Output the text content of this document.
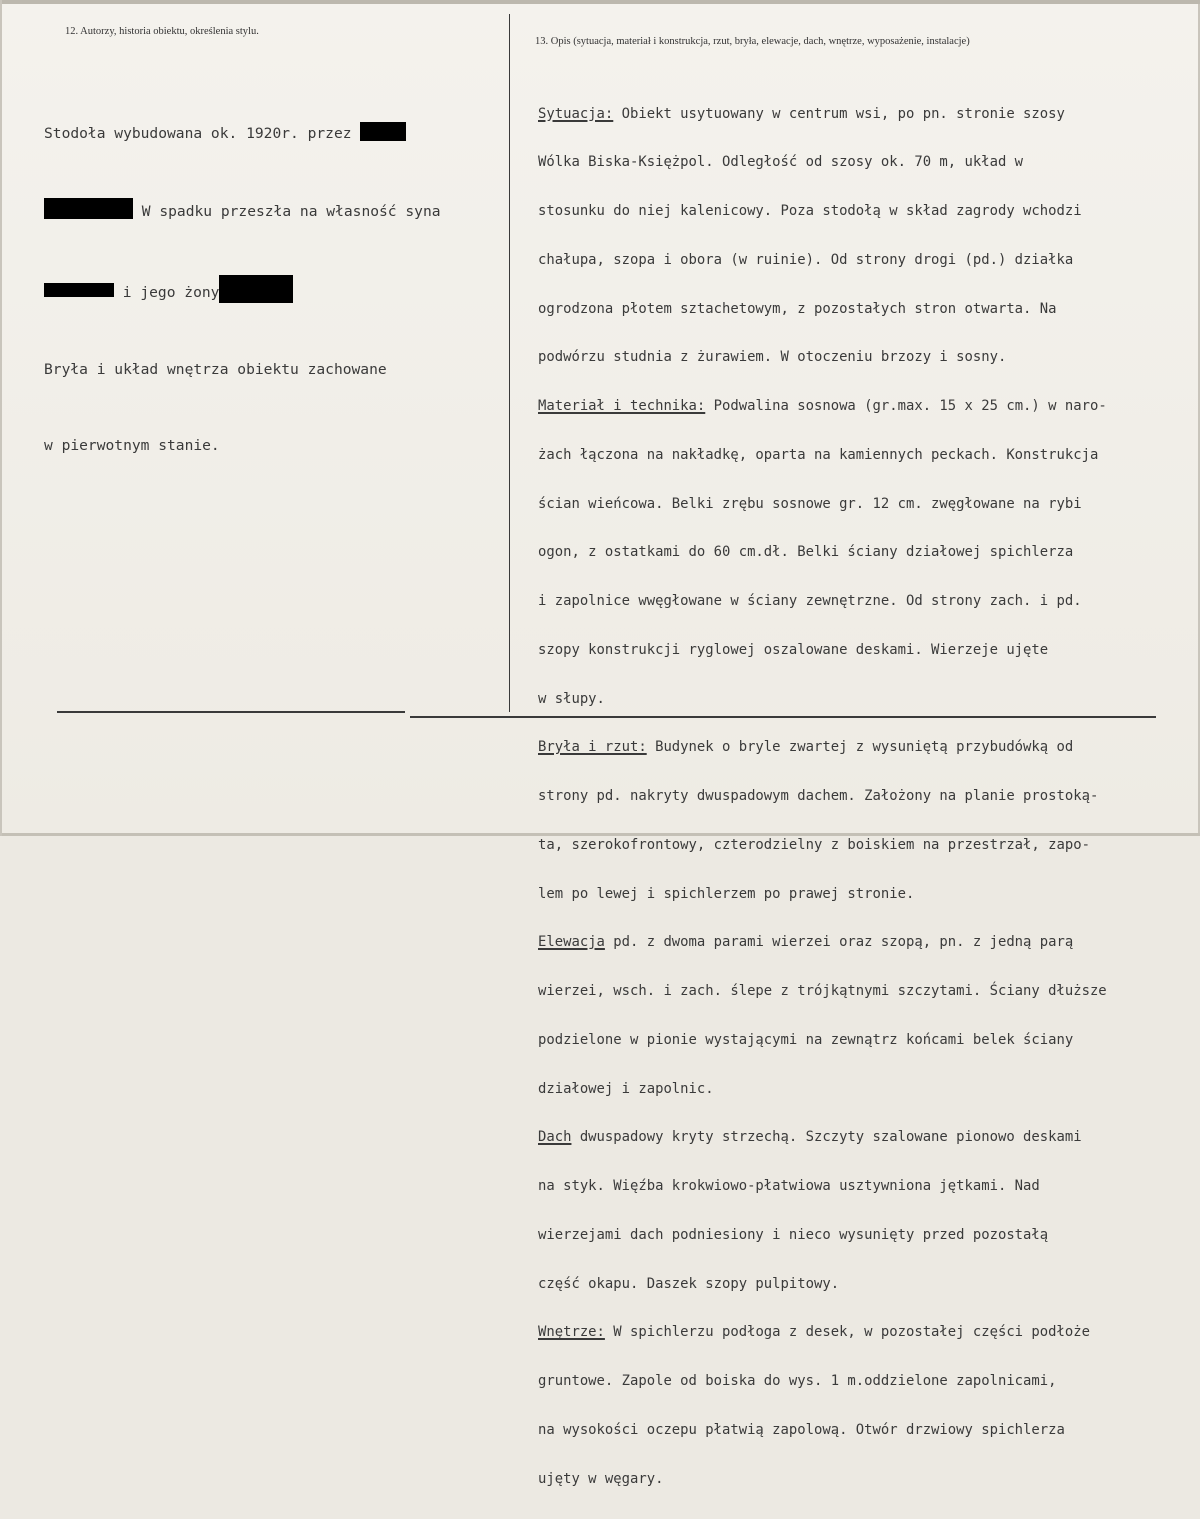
12. Autorzy, historia obiektu, określenia stylu.
13. Opis (sytuacja, materiał i konstrukcja, rzut, bryła, elewacje, dach, wnętrze, wyposażenie, instalacje)

Stodoła wybudowana ok. 1920r. przez

W spadku przeszła na własność syna

i jego żony

Bryła i układ wnętrza obiektu zachowane

w pierwotnym stanie.

Sytuacja: Obiekt usytuowany w centrum wsi, po pn. stronie szosy

Wólka Biska-Księżpol. Odległość od szosy ok. 70 m, układ w

stosunku do niej kalenicowy. Poza stodołą w skład zagrody wchodzi

chałupa, szopa i obora (w ruinie). Od strony drogi (pd.) działka

ogrodzona płotem sztachetowym, z pozostałych stron otwarta. Na

podwórzu studnia z żurawiem. W otoczeniu brzozy i sosny.

Materiał i technika: Podwalina sosnowa (gr.max. 15 x 25 cm.) w naro-

żach łączona na nakładkę, oparta na kamiennych peckach. Konstrukcja

ścian wieńcowa. Belki zrębu sosnowe gr. 12 cm. zwęgłowane na rybi

ogon, z ostatkami do 60 cm.dł. Belki ściany działowej spichlerza

i zapolnice wwęgłowane w ściany zewnętrzne. Od strony zach. i pd.

szopy konstrukcji ryglowej oszalowane deskami. Wierzeje ujęte

w słupy.

Bryła i rzut: Budynek o bryle zwartej z wysuniętą przybudówką od

strony pd. nakryty dwuspadowym dachem. Założony na planie prostoką-

ta, szerokofrontowy, czterodzielny z boiskiem na przestrzał, zapo-

lem po lewej i spichlerzem po prawej stronie.

Elewacja pd. z dwoma parami wierzei oraz szopą, pn. z jedną parą

wierzei, wsch. i zach. ślepe z trójkątnymi szczytami. Ściany dłuższe

podzielone w pionie wystającymi na zewnątrz końcami belek ściany

działowej i zapolnic.

Dach dwuspadowy kryty strzechą. Szczyty szalowane pionowo deskami

na styk. Więźba krokwiowo-płatwiowa usztywniona jętkami. Nad

wierzejami dach podniesiony i nieco wysunięty przed pozostałą

część okapu. Daszek szopy pulpitowy.

Wnętrze: W spichlerzu podłoga z desek, w pozostałej części podłoże

gruntowe. Zapole od boiska do wys. 1 m.oddzielone zapolnicami,

na wysokości oczepu płatwią zapolową. Otwór drzwiowy spichlerza

ujęty w węgary.
